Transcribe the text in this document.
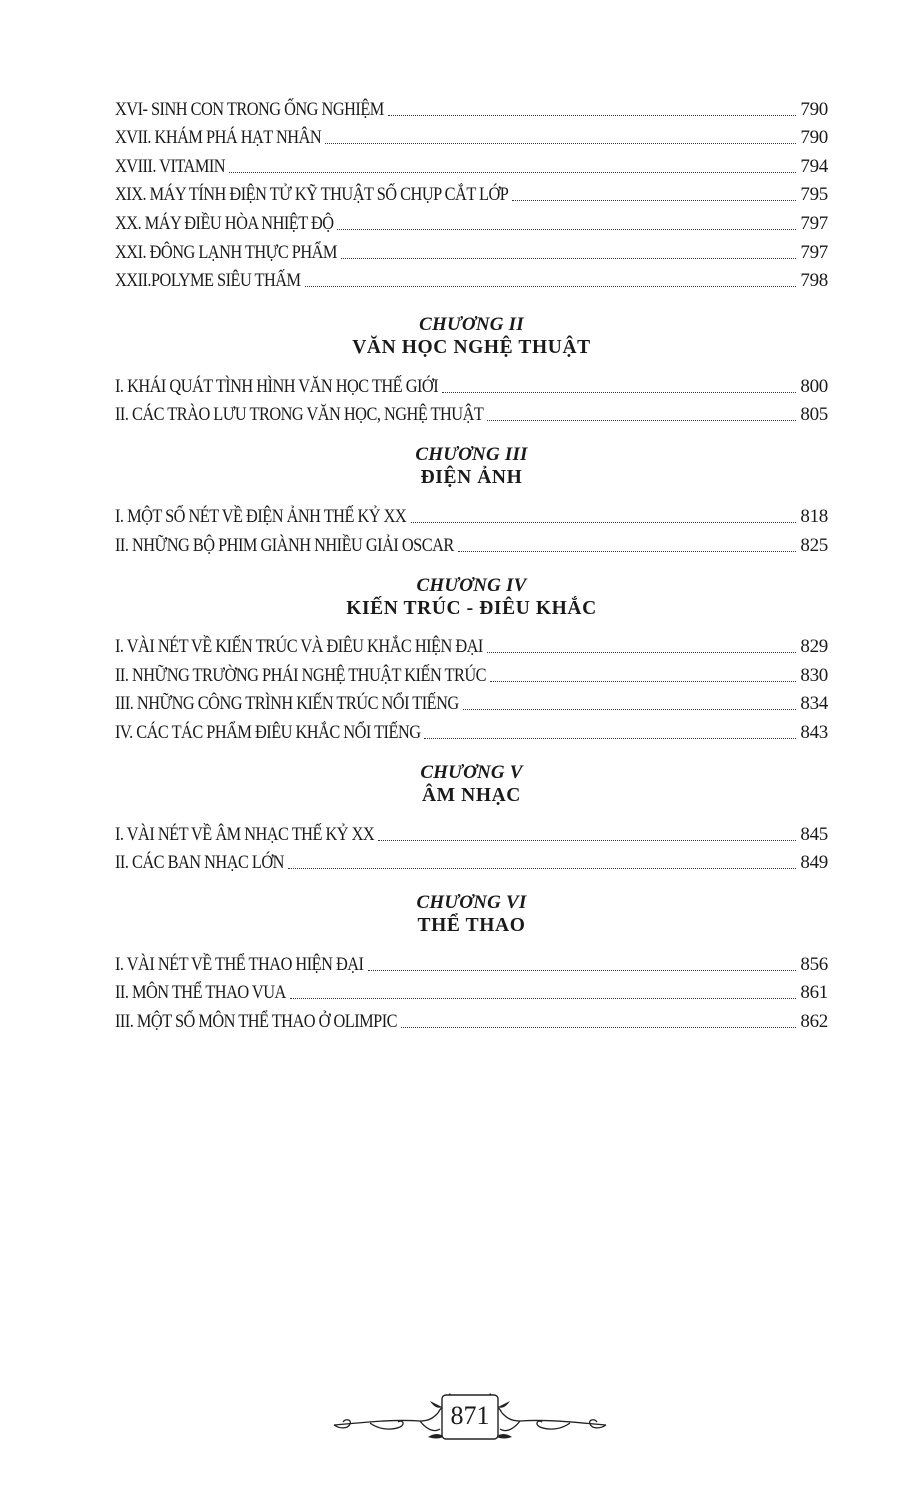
XVI- SINH CON TRONG ỐNG NGHIỆM	790
XVII. KHÁM PHÁ HẠT NHÂN	790
XVIII. VITAMIN	794
XIX. MÁY TÍNH ĐIỆN TỬ KỸ THUẬT SỐ CHỤP CẮT LỚP	795
XX. MÁY ĐIỀU HÒA NHIỆT ĐỘ	797
XXI. ĐÔNG LẠNH THỰC PHẨM	797
XXII.POLYME SIÊU THẤM	798
CHƯƠNG II
VĂN HỌC NGHỆ THUẬT
I. KHÁI QUÁT TÌNH HÌNH VĂN HỌC THẾ GIỚI	800
II. CÁC TRÀO LƯU TRONG VĂN HỌC, NGHỆ THUẬT	805
CHƯƠNG III
ĐIỆN ẢNH
I. MỘT SỐ NÉT VỀ ĐIỆN ẢNH THẾ KỶ XX	818
II. NHỮNG BỘ PHIM GIÀNH NHIỀU GIẢI OSCAR	825
CHƯƠNG IV
KIẾN TRÚC - ĐIÊU KHẮC
I. VÀI NÉT VỀ KIẾN TRÚC VÀ ĐIÊU KHẮC HIỆN ĐẠI	829
II. NHỮNG TRƯỜNG PHÁI NGHỆ THUẬT KIẾN TRÚC	830
III. NHỮNG CÔNG TRÌNH KIẾN TRÚC NỔI TIẾNG	834
IV. CÁC TÁC PHẨM ĐIÊU KHẮC NỔI TIẾNG	843
CHƯƠNG V
ÂM NHẠC
I. VÀI NÉT VỀ ÂM NHẠC THẾ KỶ XX	845
II. CÁC BAN NHẠC LỚN	849
CHƯƠNG VI
THỂ THAO
I. VÀI NÉT VỀ THỂ THAO HIỆN ĐẠI	856
II. MÔN THỂ THAO VUA	861
III. MỘT SỐ MÔN THỂ THAO Ở OLIMPIC	862
871
